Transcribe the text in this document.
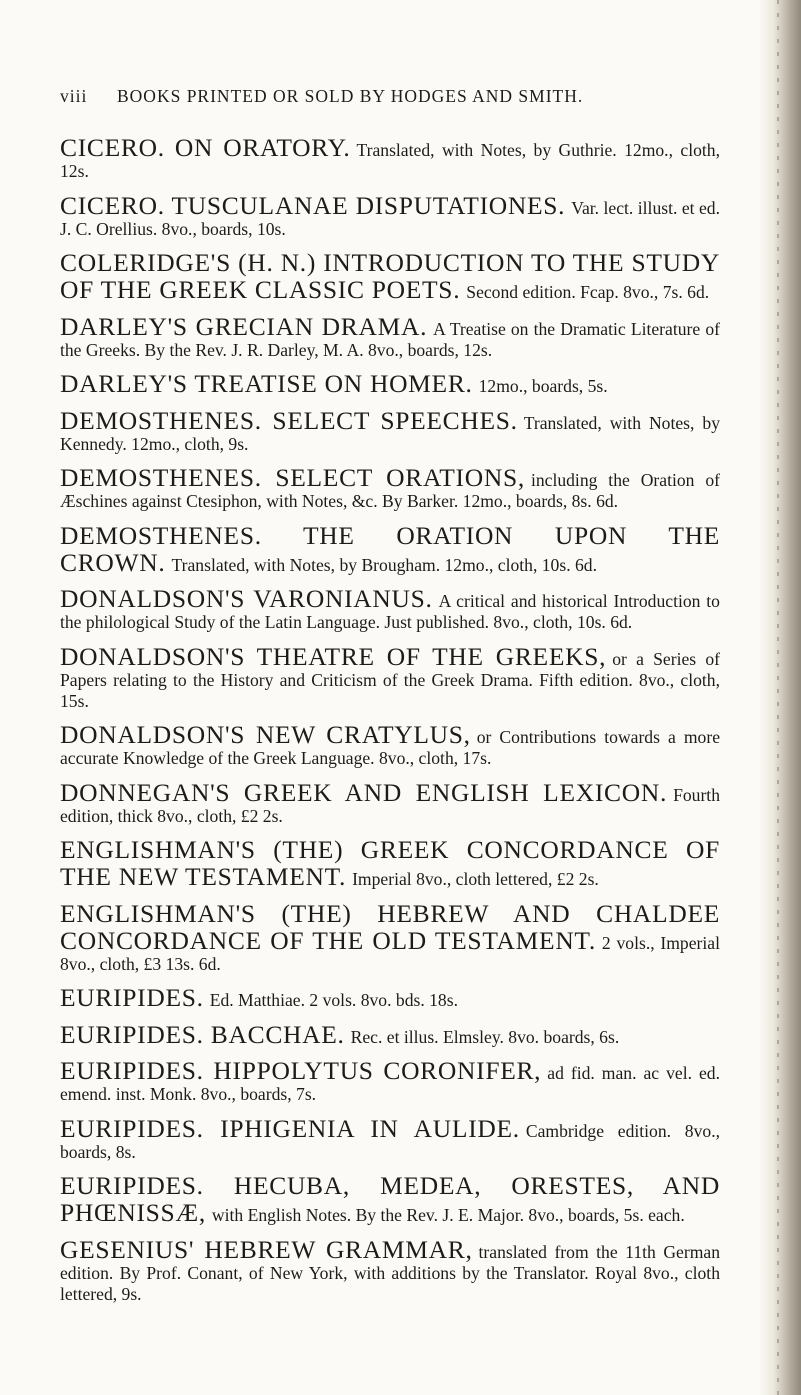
viii BOOKS PRINTED OR SOLD BY HODGES AND SMITH.

CICERO. ON ORATORY. Translated, with Notes, by Guthrie. 12mo., cloth, 12s.

CICERO. TUSCULANAE DISPUTATIONES. Var. lect. illust. et ed. J. C. Orellius. 8vo., boards, 10s.

COLERIDGE'S (H. N.) INTRODUCTION TO THE STUDY OF THE GREEK CLASSIC POETS. Second edition. Fcap. 8vo., 7s. 6d.

DARLEY'S GRECIAN DRAMA. A Treatise on the Dramatic Literature of the Greeks. By the Rev. J. R. Darley, M. A. 8vo., boards, 12s.

DARLEY'S TREATISE ON HOMER. 12mo., boards, 5s.

DEMOSTHENES. SELECT SPEECHES. Translated, with Notes, by Kennedy. 12mo., cloth, 9s.

DEMOSTHENES. SELECT ORATIONS, including the Oration of Æschines against Ctesiphon, with Notes, &c. By Barker. 12mo., boards, 8s. 6d.

DEMOSTHENES. THE ORATION UPON THE CROWN. Translated, with Notes, by Brougham. 12mo., cloth, 10s. 6d.

DONALDSON'S VARONIANUS. A critical and historical Introduction to the philological Study of the Latin Language. Just published. 8vo., cloth, 10s. 6d.

DONALDSON'S THEATRE OF THE GREEKS, or a Series of Papers relating to the History and Criticism of the Greek Drama. Fifth edition. 8vo., cloth, 15s.

DONALDSON'S NEW CRATYLUS, or Contributions towards a more accurate Knowledge of the Greek Language. 8vo., cloth, 17s.

DONNEGAN'S GREEK AND ENGLISH LEXICON. Fourth edition, thick 8vo., cloth, £2 2s.

ENGLISHMAN'S (THE) GREEK CONCORDANCE OF THE NEW TESTAMENT. Imperial 8vo., cloth lettered, £2 2s.

ENGLISHMAN'S (THE) HEBREW AND CHALDEE CONCORDANCE OF THE OLD TESTAMENT. 2 vols., Imperial 8vo., cloth, £3 13s. 6d.

EURIPIDES. Ed. Matthiae. 2 vols. 8vo. bds. 18s.

EURIPIDES. BACCHAE. Rec. et illus. Elmsley. 8vo. boards, 6s.

EURIPIDES. HIPPOLYTUS CORONIFER, ad fid. man. ac vel. ed. emend. inst. Monk. 8vo., boards, 7s.

EURIPIDES. IPHIGENIA IN AULIDE. Cambridge edition. 8vo., boards, 8s.

EURIPIDES. HECUBA, MEDEA, ORESTES, AND PHŒNISSÆ, with English Notes. By the Rev. J. E. Major. 8vo., boards, 5s. each.

GESENIUS' HEBREW GRAMMAR, translated from the 11th German edition. By Prof. Conant, of New York, with additions by the Translator. Royal 8vo., cloth lettered, 9s.
